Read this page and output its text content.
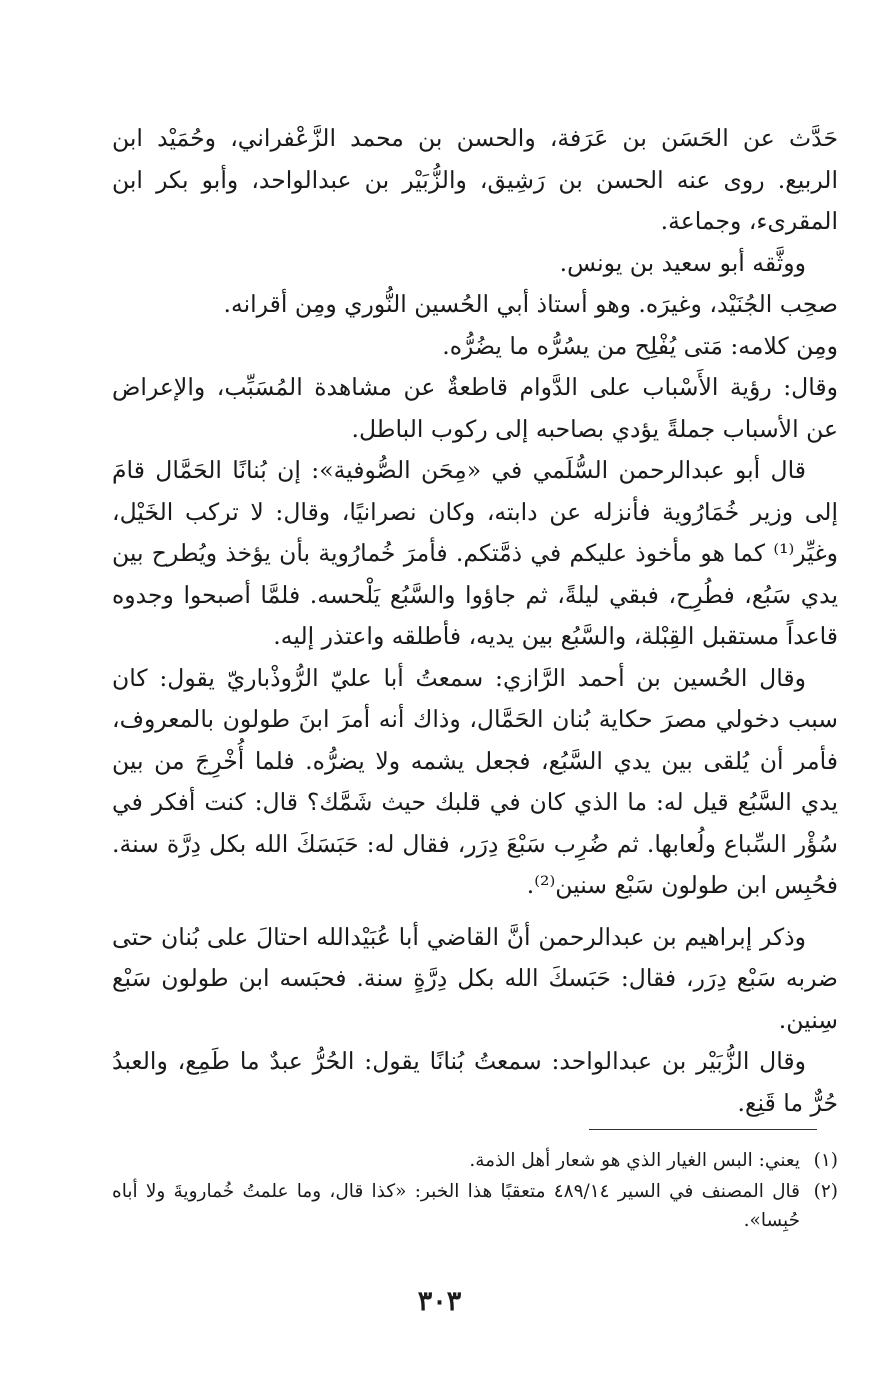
حَدَّث عن الحَسَن بن عَرَفة، والحسن بن محمد الزَّعْفراني، وحُمَيْد ابن الربيع. روى عنه الحسن بن رَشِيق، والزُّبَيْر بن عبدالواحد، وأبو بكر ابن المقرىء، وجماعة.

ووثَّقه أبو سعيد بن يونس.

صحِب الجُنَيْد، وغيرَه. وهو أستاذ أبي الحُسين النُّوري ومِن أقرانه.

ومِن كلامه: مَتى يُفْلِح من يسُرُّه ما يضُرُّه.

وقال: رؤية الأَسْباب على الدَّوام قاطعةٌ عن مشاهدة المُسَبِّب، والإعراض عن الأسباب جملةً يؤدي بصاحبه إلى ركوب الباطل.

قال أبو عبدالرحمن السُّلَمي في «مِحَن الصُّوفية»: إن بُنانًا الحَمَّال قامَ إلى وزير خُمَارُوية فأنزله عن دابته، وكان نصرانيًا، وقال: لا تركب الخَيْل، وغيِّر⁽¹⁾ كما هو مأخوذ عليكم في ذمَّتكم. فأمرَ خُمارُوية بأن يؤخذ ويُطرح بين يدي سَبُع، فطُرِح، فبقي ليلةً، ثم جاؤوا والسَّبُع يَلْحسه. فلمَّا أصبحوا وجدوه قاعداً مستقبل القِبْلة، والسَّبُع بين يديه، فأطلقه واعتذر إليه.

وقال الحُسين بن أحمد الرَّازي: سمعتُ أبا عليّ الرُّوذْباريّ يقول: كان سبب دخولي مصرَ حكاية بُنان الحَمَّال، وذاك أنه أمرَ ابنَ طولون بالمعروف، فأمر أن يُلقى بين يدي السَّبُع، فجعل يشمه ولا يضرُّه. فلما أُخْرِجَ من بين يدي السَّبُع قيل له: ما الذي كان في قلبك حيث شَمَّك؟ قال: كنت أفكر في سُؤْر السِّباع ولُعابها. ثم ضُرِب سَبْعَ دِرَر، فقال له: حَبَسَكَ الله بكل دِرَّة سنة. فحُبِس ابن طولون سَبْع سنين⁽²⁾.

وذكر إبراهيم بن عبدالرحمن أنَّ القاضي أبا عُبَيْدالله احتالَ على بُنان حتى ضربه سَبْع دِرَر، فقال: حَبَسكَ الله بكل دِرَّةٍ سنة. فحبَسه ابن طولون سَبْع سِنين.

وقال الزُّبَيْر بن عبدالواحد: سمعتُ بُنانًا يقول: الحُرُّ عبدٌ ما طَمِع، والعبدُ حُرٌّ ما قَنِع.

(١)
يعني: البس الغيار الذي هو شعار أهل الذمة.
(٢)
قال المصنف في السير ٤٨٩/١٤ متعقبًا هذا الخبر: «كذا قال، وما علمتُ خُمارويةَ ولا أباه حُبِسا».
٣٠٣
